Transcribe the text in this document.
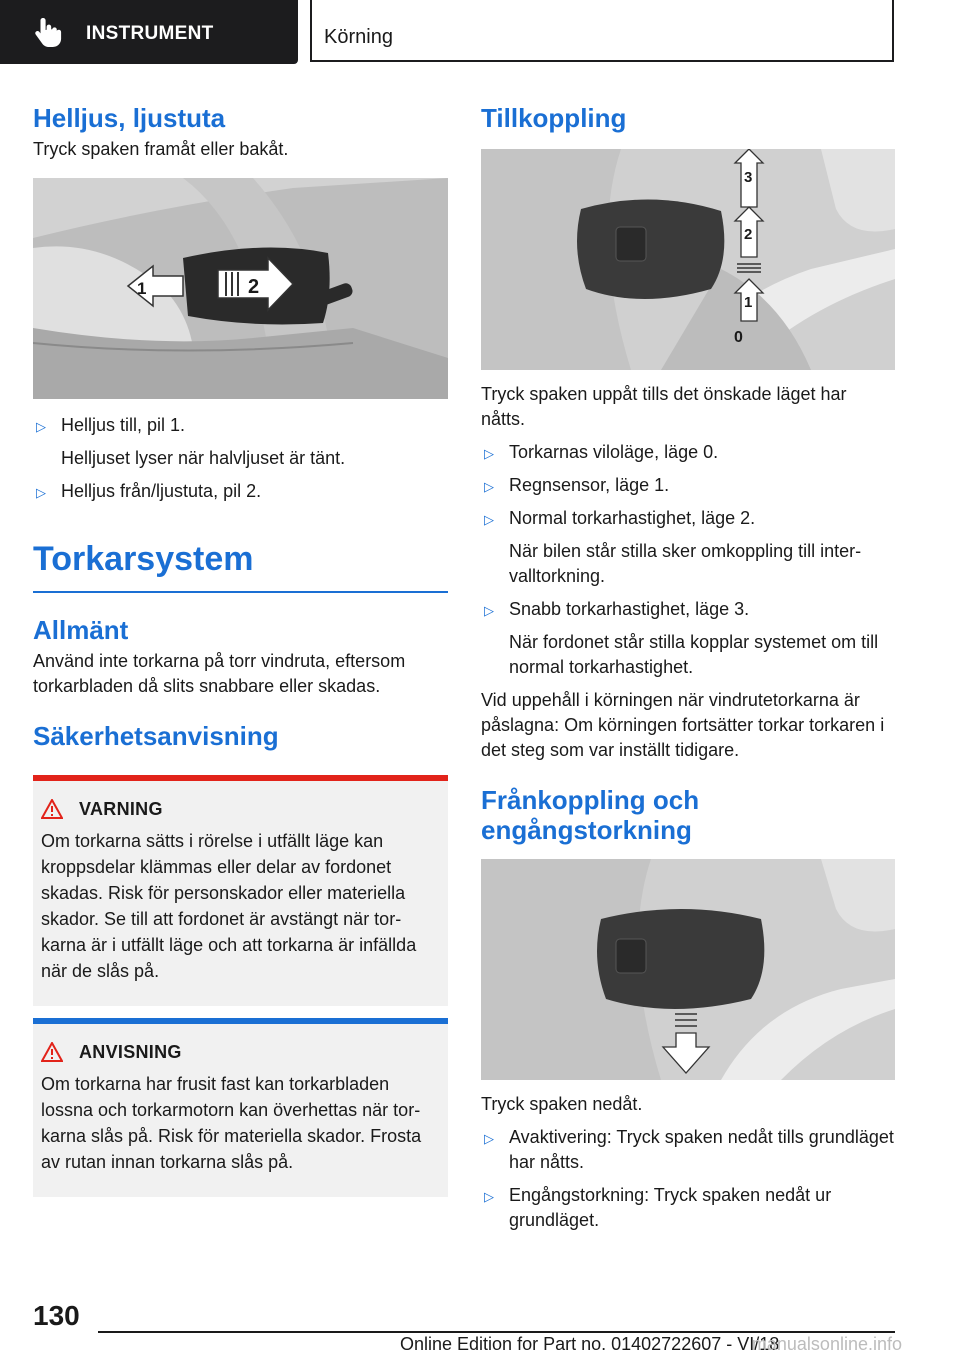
INSTRUMENT	Körning
Helljus, ljustuta

Tryck spaken framåt eller bakåt.

1	2
▷ Helljus till, pil 1.
Helljuset lyser när halvljuset är tänt.
▷ Helljus från/ljustuta, pil 2.
Torkarsystem
Allmänt

Använd inte torkarna på torr vindruta, eftersom torkarbladen då slits snabbare eller skadas.

Säkerhetsanvisning
VARNING
Om torkarna sätts i rörelse i utfällt läge kan kroppsdelar klämmas eller delar av fordonet skadas. Risk för personskador eller materiella skador. Se till att fordonet är avstängt när torkarna är i utfällt läge och att torkarna är infällda när de slås på.
ANVISNING
Om torkarna har frusit fast kan torkarbladen lossna och torkarmotorn kan överhettas när torkarna slås på. Risk för materiella skador. Frosta av rutan innan torkarna slås på.
Tillkoppling
3
2
1
0

Tryck spaken uppåt tills det önskade läget har nåtts.

▷ Torkarnas viloläge, läge 0.
▷ Regnsensor, läge 1.
▷ Normal torkarhastighet, läge 2.
När bilen står stilla sker omkoppling till intervalltorkning.
▷ Snabb torkarhastighet, läge 3.
När fordonet står stilla kopplar systemet om till normal torkarhastighet.

Vid uppehåll i körningen när vindrutetorkarna är påslagna: Om körningen fortsätter torkar torkaren i det steg som var inställt tidigare.

Frånkoppling och engångstorkning

Tryck spaken nedåt.

▷ Avaktivering: Tryck spaken nedåt tills grundläget har nåtts.
▷ Engångstorkning: Tryck spaken nedåt ur grundläget.
130
Online Edition for Part no. 01402722607 - VI/18
manualsonline.info
